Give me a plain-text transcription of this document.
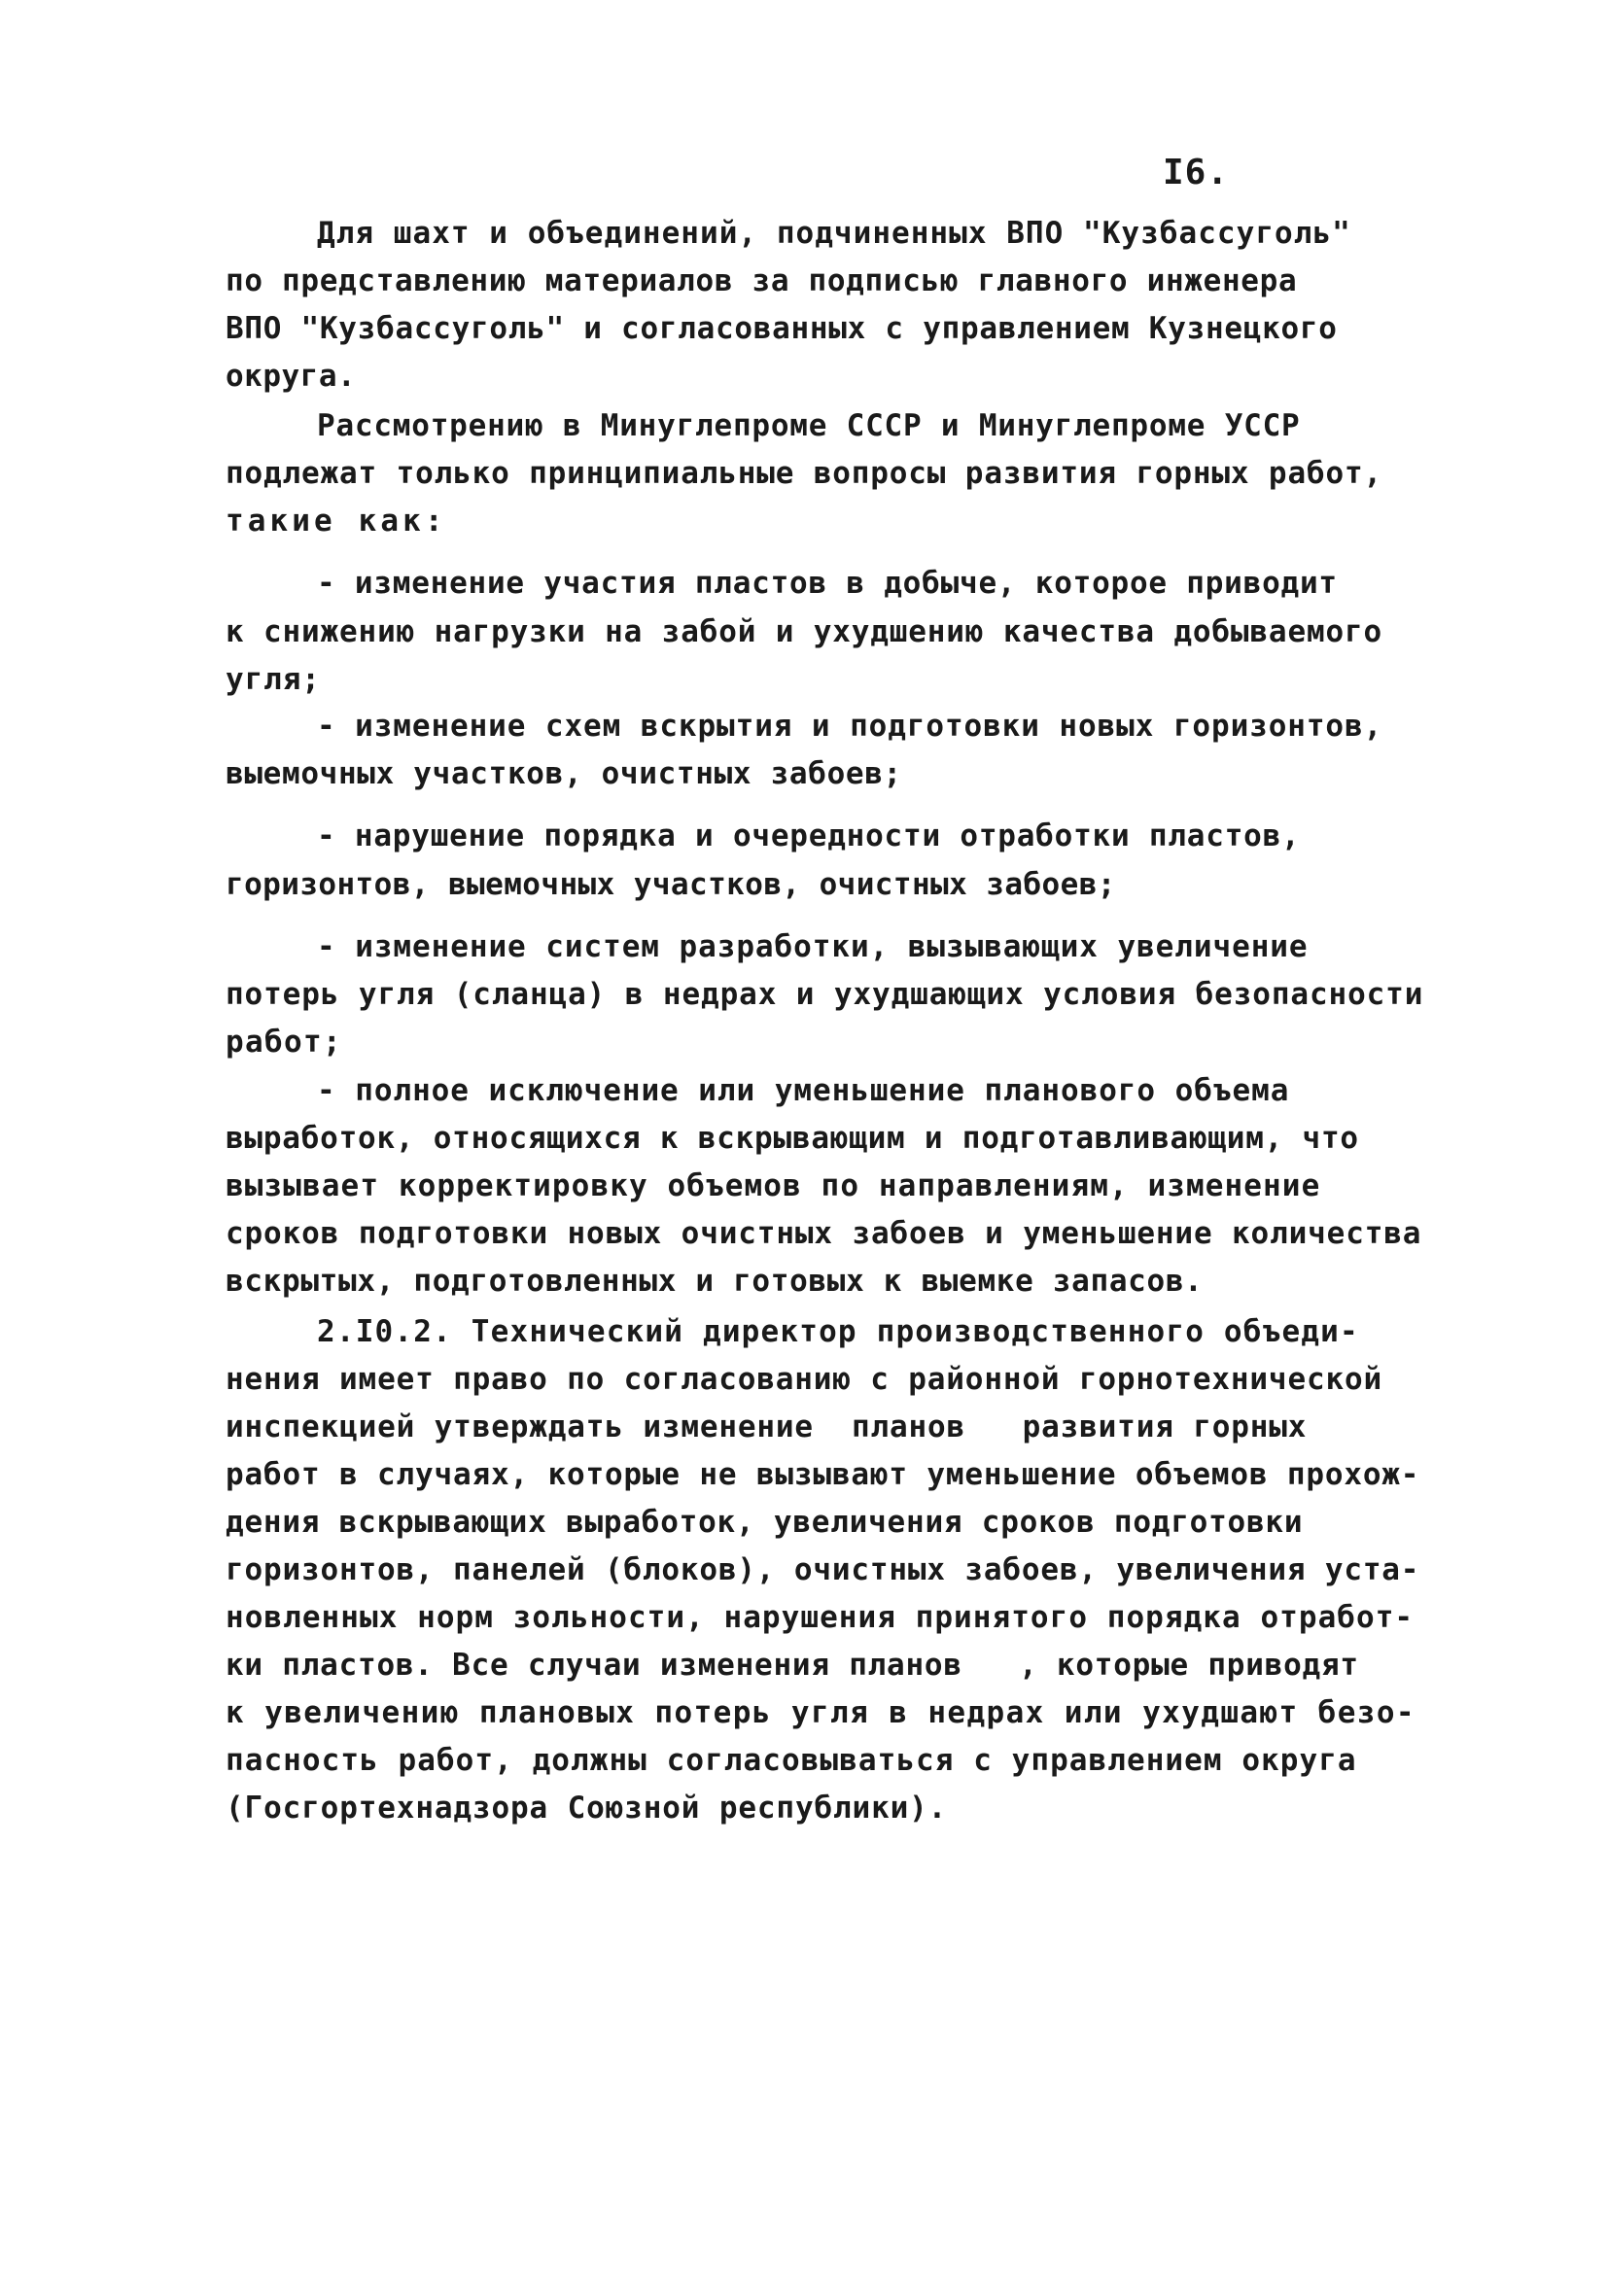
I6.
Для шахт и объединений, подчиненных ВПО "Кузбассуголь"
по представлению материалов за подписью главного инженера
ВПО "Кузбассуголь" и согласованных с управлением Кузнецкого
округа.
Рассмотрению в Минуглепроме СССР и Минуглепроме УССР
подлежат только принципиальные вопросы развития горных работ,
такие как:
- изменение участия пластов в добыче, которое приводит
к снижению нагрузки на забой и ухудшению качества добываемого
угля;
- изменение схем вскрытия и подготовки новых горизонтов,
выемочных участков, очистных забоев;
- нарушение порядка и очередности отработки пластов,
горизонтов, выемочных участков, очистных забоев;
- изменение систем разработки, вызывающих увеличение
потерь угля (сланца) в недрах и ухудшающих условия безопасности
работ;
- полное исключение или уменьшение планового объема
выработок, относящихся к вскрывающим и подготавливающим, что
вызывает корректировку объемов по направлениям, изменение
сроков подготовки новых очистных забоев и уменьшение количества
вскрытых, подготовленных и готовых к выемке запасов.
2.I0.2. Технический директор производственного объеди-
нения имеет право по согласованию с районной горнотехнической
инспекцией утверждать изменение  планов   развития горных
работ в случаях, которые не вызывают уменьшение объемов прохож-
дения вскрывающих выработок, увеличения сроков подготовки
горизонтов, панелей (блоков), очистных забоев, увеличения уста-
новленных норм зольности, нарушения принятого порядка отработ-
ки пластов. Все случаи изменения планов   , которые приводят
к увеличению плановых потерь угля в недрах или ухудшают безо-
пасность работ, должны согласовываться с управлением округа
(Госгортехнадзора Союзной республики).
